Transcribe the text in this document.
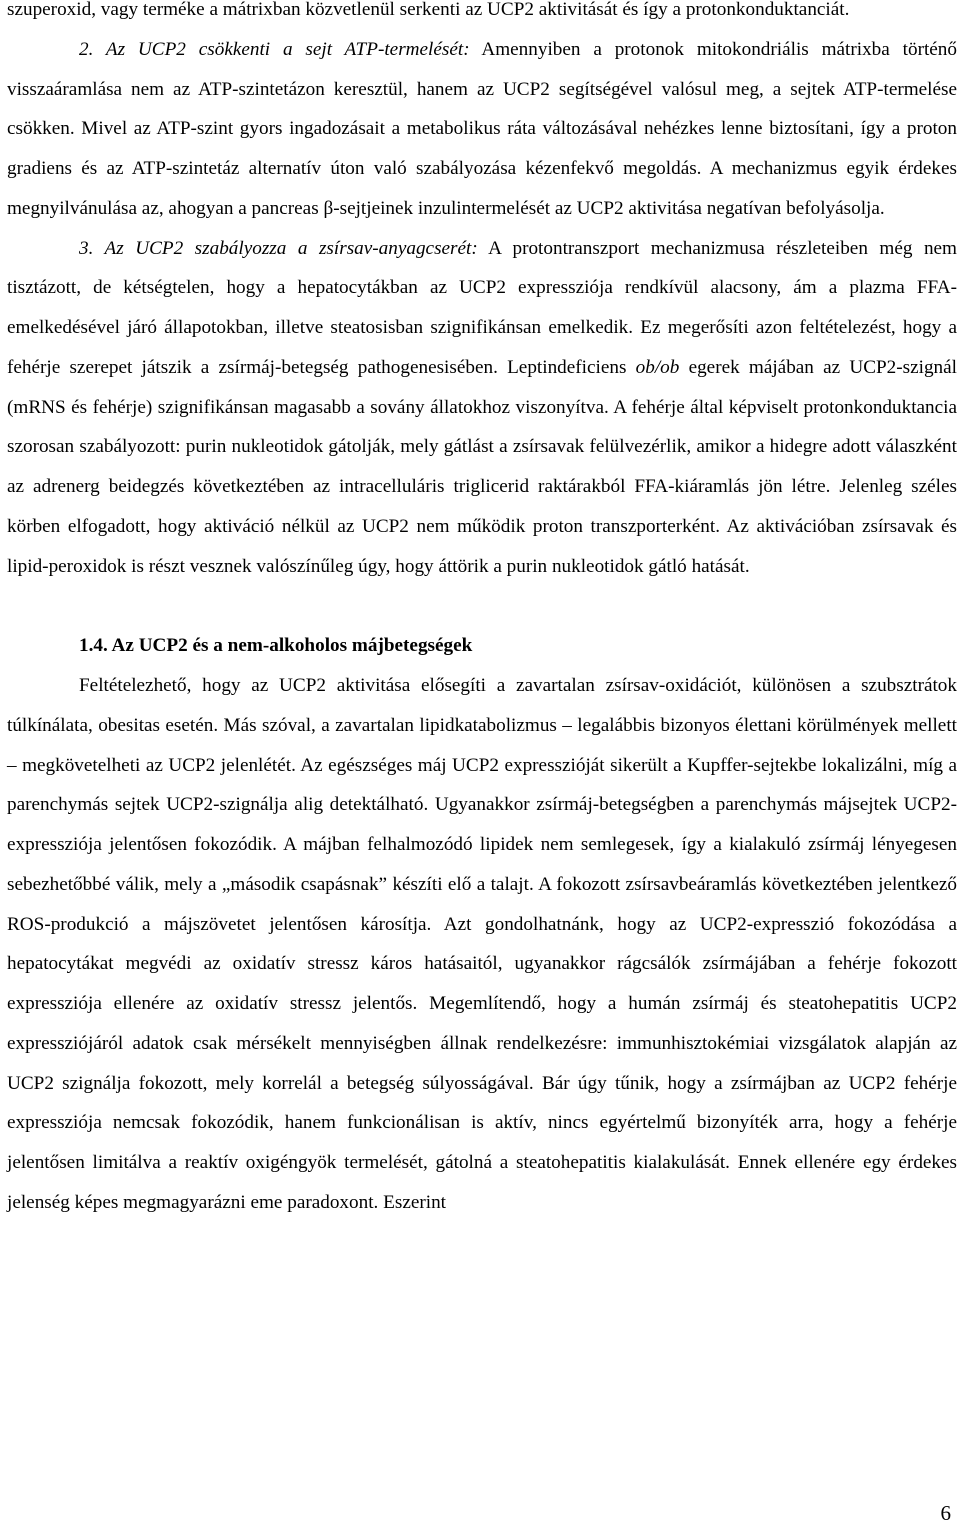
szuperoxid, vagy terméke a mátrixban közvetlenül serkenti az UCP2 aktivitását és így a protonkonduktanciát.

2. Az UCP2 csökkenti a sejt ATP-termelését: Amennyiben a protonok mitokondriális mátrixba történő visszaáramlása nem az ATP-szintetázon keresztül, hanem az UCP2 segítségével valósul meg, a sejtek ATP-termelése csökken. Mivel az ATP-szint gyors ingadozásait a metabolikus ráta változásával nehézkes lenne biztosítani, így a proton gradiens és az ATP-szintetáz alternatív úton való szabályozása kézenfekvő megoldás. A mechanizmus egyik érdekes megnyilvánulása az, ahogyan a pancreas β-sejtjeinek inzulintermelését az UCP2 aktivitása negatívan befolyásolja.

3. Az UCP2 szabályozza a zsírsav-anyagcserét: A protontranszport mechanizmusa részleteiben még nem tisztázott, de kétségtelen, hogy a hepatocytákban az UCP2 expressziója rendkívül alacsony, ám a plazma FFA-emelkedésével járó állapotokban, illetve steatosisban szignifikánsan emelkedik. Ez megerősíti azon feltételezést, hogy a fehérje szerepet játszik a zsírmáj-betegség pathogenesisében. Leptindeficiens ob/ob egerek májában az UCP2-szignál (mRNS és fehérje) szignifikánsan magasabb a sovány állatokhoz viszonyítva. A fehérje által képviselt protonkonduktancia szorosan szabályozott: purin nukleotidok gátolják, mely gátlást a zsírsavak felülvezérlik, amikor a hidegre adott válaszként az adrenerg beidegzés következtében az intracelluláris triglicerid raktárakból FFA-kiáramlás jön létre. Jelenleg széles körben elfogadott, hogy aktiváció nélkül az UCP2 nem működik proton transzporterként. Az aktivációban zsírsavak és lipid-peroxidok is részt vesznek valószínűleg úgy, hogy áttörik a purin nukleotidok gátló hatását.

1.4. Az UCP2 és a nem-alkoholos májbetegségek

Feltételezhető, hogy az UCP2 aktivitása elősegíti a zavartalan zsírsav-oxidációt, különösen a szubsztrátok túlkínálata, obesitas esetén. Más szóval, a zavartalan lipidkatabolizmus – legalábbis bizonyos élettani körülmények mellett – megkövetelheti az UCP2 jelenlétét. Az egészséges máj UCP2 expresszióját sikerült a Kupffer-sejtekbe lokalizálni, míg a parenchymás sejtek UCP2-szignálja alig detektálható. Ugyanakkor zsírmáj-betegségben a parenchymás májsejtek UCP2-expressziója jelentősen fokozódik. A májban felhalmozódó lipidek nem semlegesek, így a kialakuló zsírmáj lényegesen sebezhetőbbé válik, mely a „második csapásnak” készíti elő a talajt. A fokozott zsírsavbeáramlás következtében jelentkező ROS-produkció a májszövetet jelentősen károsítja. Azt gondolhatnánk, hogy az UCP2-expresszió fokozódása a hepatocytákat megvédi az oxidatív stressz káros hatásaitól, ugyanakkor rágcsálók zsírmájában a fehérje fokozott expressziója ellenére az oxidatív stressz jelentős. Megemlítendő, hogy a humán zsírmáj és steatohepatitis UCP2 expressziójáról adatok csak mérsékelt mennyiségben állnak rendelkezésre: immunhisztokémiai vizsgálatok alapján az UCP2 szignálja fokozott, mely korrelál a betegség súlyosságával. Bár úgy tűnik, hogy a zsírmájban az UCP2 fehérje expressziója nemcsak fokozódik, hanem funkcionálisan is aktív, nincs egyértelmű bizonyíték arra, hogy a fehérje jelentősen limitálva a reaktív oxigéngyök termelését, gátolná a steatohepatitis kialakulását. Ennek ellenére egy érdekes jelenség képes megmagyarázni eme paradoxont. Eszerint

6
